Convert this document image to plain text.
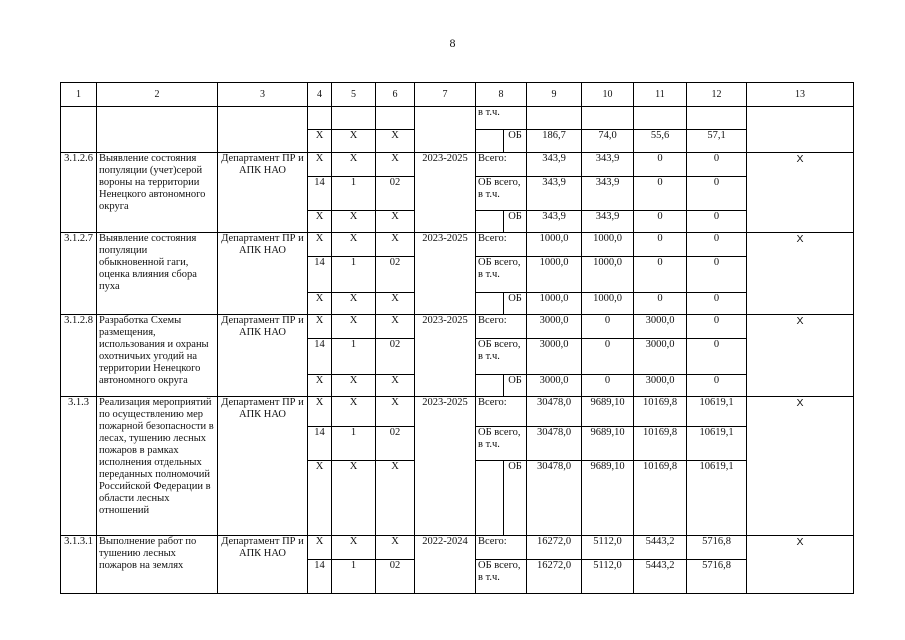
8
1	2	3	4	5	6	7	8		9	10	11	12	13
							в т.ч.						
			Х	Х	Х			ОБ	186,7	74,0	55,6	57,1	
3.1.2.6	Выявление состояния популяции (учет)серой вороны на территории Ненецкого автономного округа	Департамент ПР и АПК НАО	Х	Х	Х	2023-2025	Всего:		343,9	343,9	0	0	Х
			14	1	02		ОБ всего, в т.ч.		343,9	343,9	0	0	
			Х	Х	Х			ОБ	343,9	343,9	0	0	
3.1.2.7	Выявление состояния популяции обыкновенной гаги, оценка влияния сбора пуха	Департамент ПР и АПК НАО	Х	Х	Х	2023-2025	Всего:		1000,0	1000,0	0	0	Х
			14	1	02		ОБ всего, в т.ч.		1000,0	1000,0	0	0	
			Х	Х	Х			ОБ	1000,0	1000,0	0	0	
3.1.2.8	Разработка Схемы размещения, использования и охраны охотничьих угодий на территории Ненецкого автономного округа	Департамент ПР и АПК НАО	Х	Х	Х	2023-2025	Всего:		3000,0	0	3000,0	0	Х
			14	1	02		ОБ всего, в т.ч.		3000,0	0	3000,0	0	
			Х	Х	Х			ОБ	3000,0	0	3000,0	0	
3.1.3	Реализация мероприятий по осуществлению мер пожарной безопасности в лесах, тушению лесных пожаров в рамках исполнения отдельных переданных полномочий Российской Федерации в области лесных отношений	Департамент ПР и АПК НАО	Х	Х	Х	2023-2025	Всего:		30478,0	9689,10	10169,8	10619,1	Х
			14	1	02		ОБ всего, в т.ч.		30478,0	9689,10	10169,8	10619,1	
			Х	Х	Х			ОБ	30478,0	9689,10	10169,8	10619,1	
3.1.3.1	Выполнение работ по тушению лесных пожаров на землях	Департамент ПР и АПК НАО	Х	Х	Х	2022-2024	Всего:		16272,0	5112,0	5443,2	5716,8	Х
			14	1	02		ОБ всего, в т.ч.		16272,0	5112,0	5443,2	5716,8	
